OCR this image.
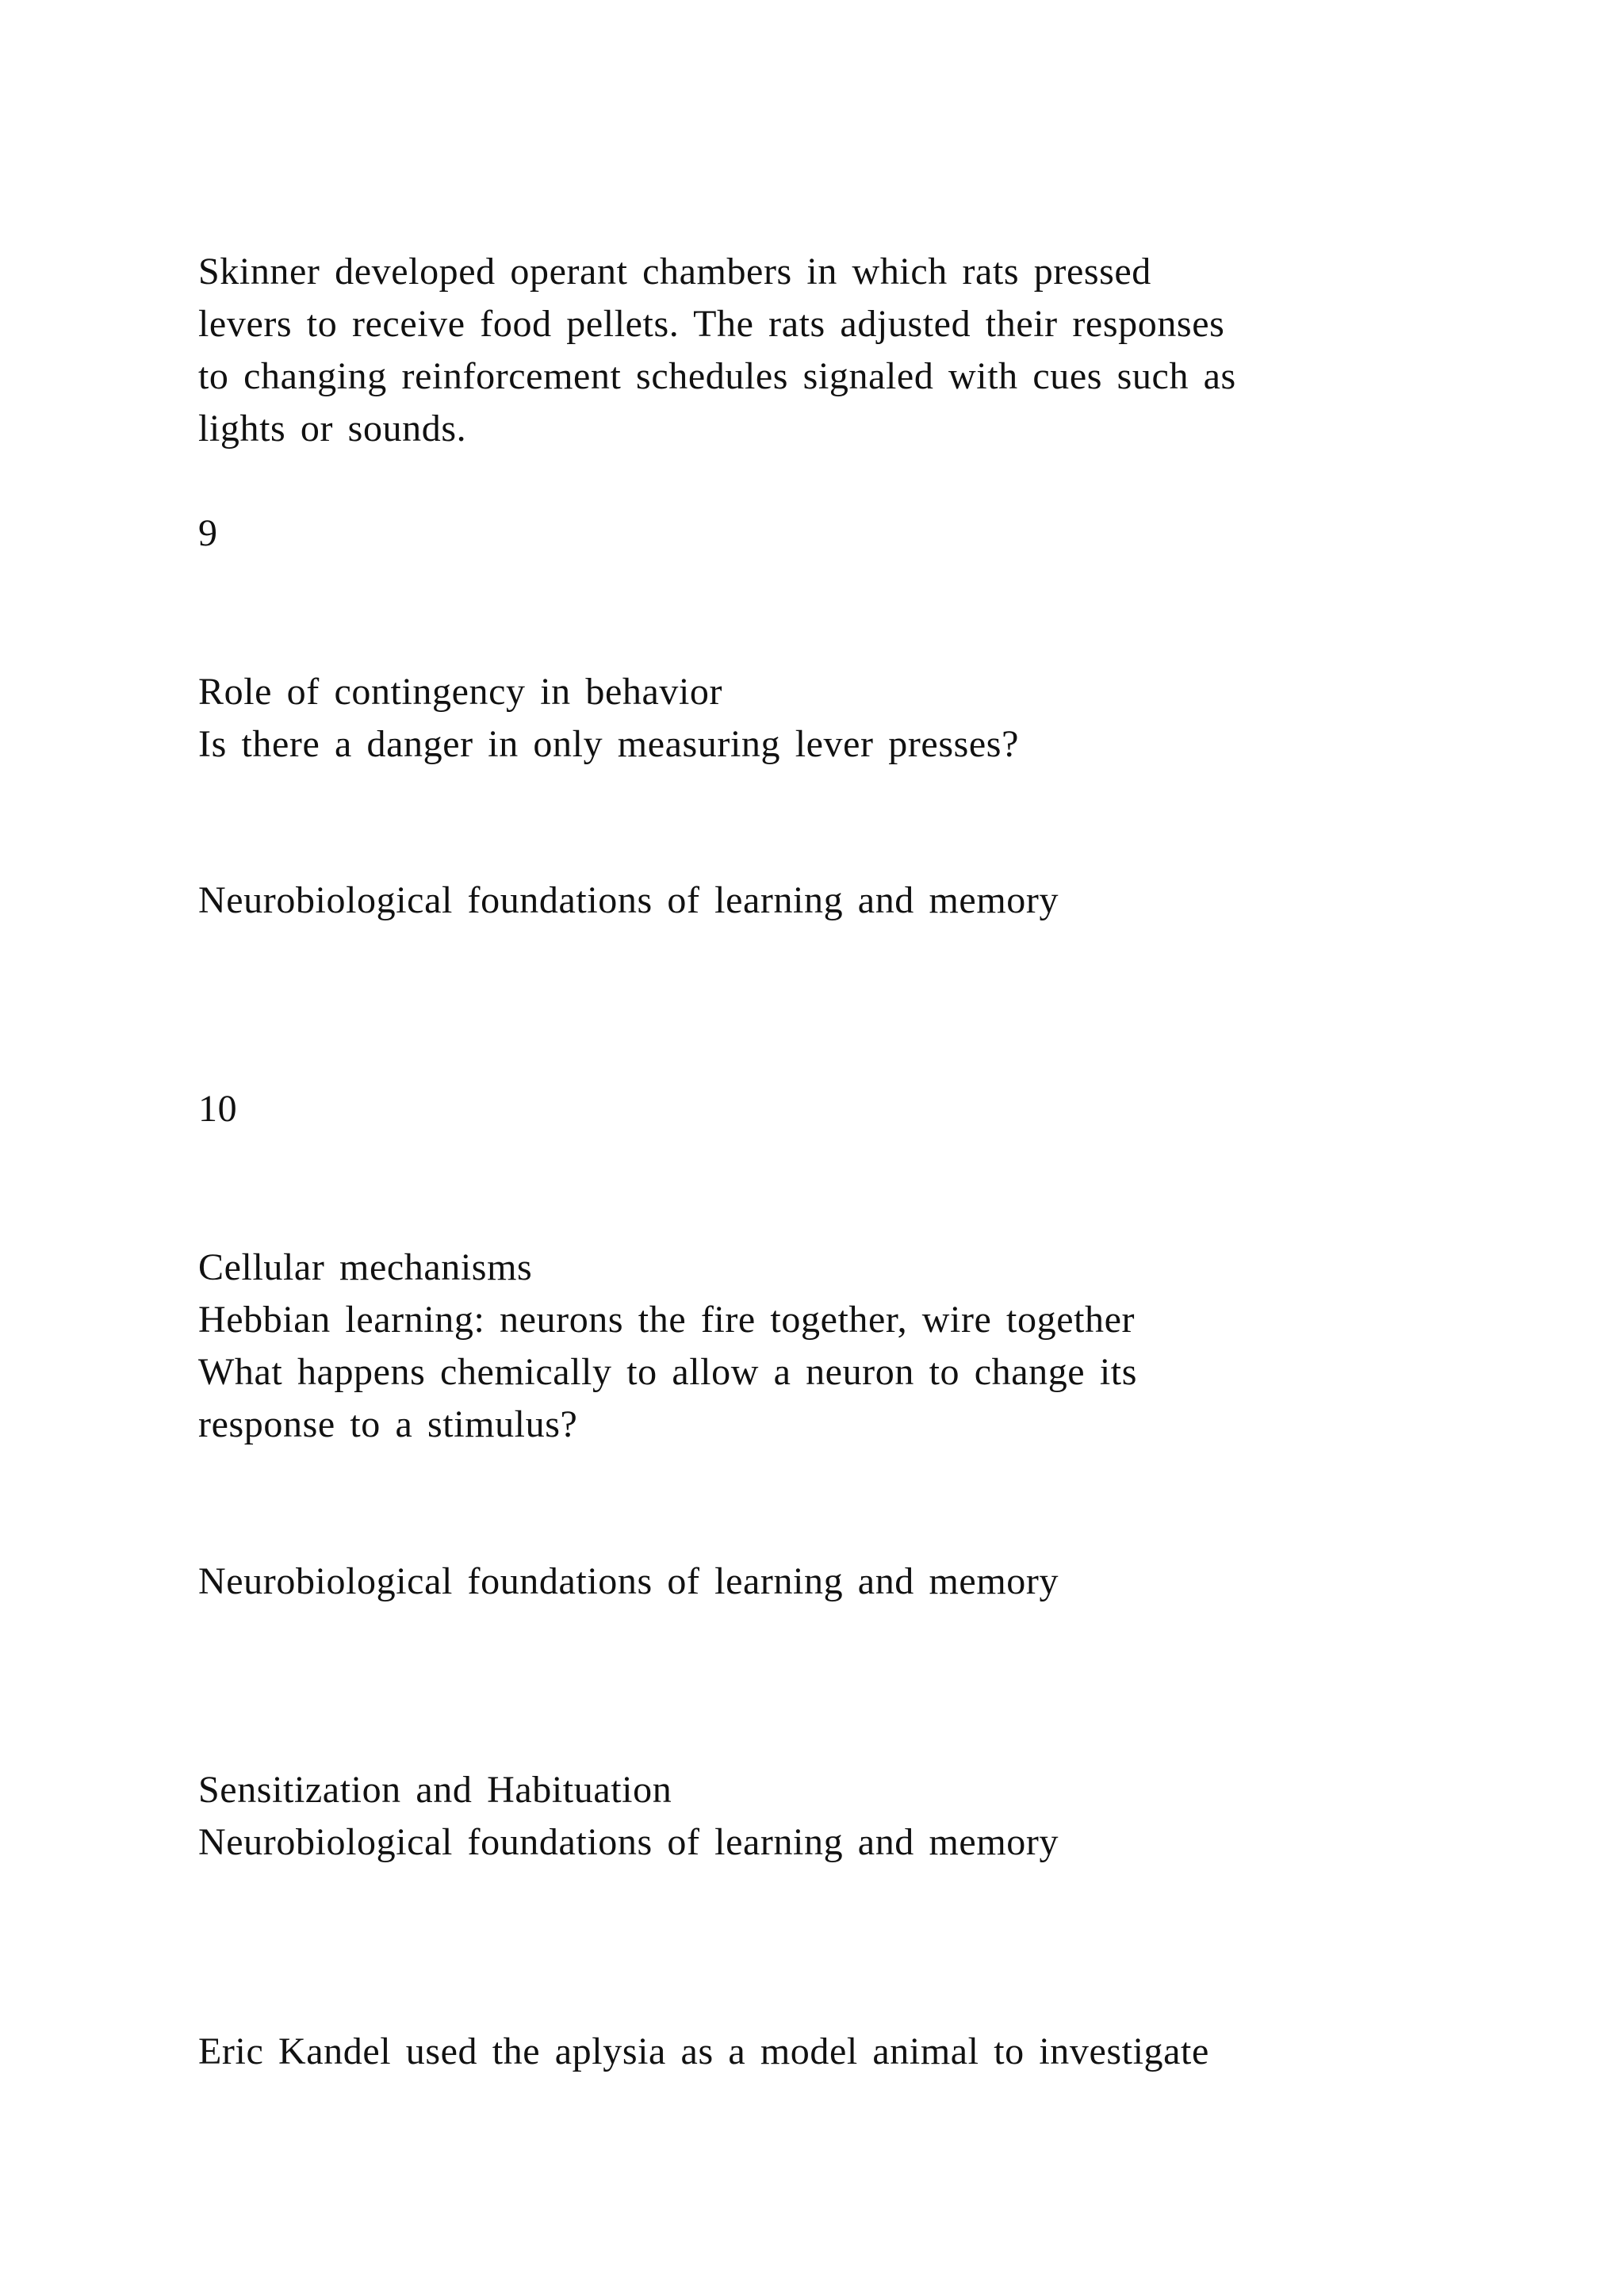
Skinner developed operant chambers in which rats pressed

levers to receive food pellets. The rats adjusted their responses

to changing reinforcement schedules signaled with cues such as

lights or sounds.

9

Role of contingency in behavior

Is there a danger in only measuring lever presses?

Neurobiological foundations of learning and memory

10

Cellular mechanisms

Hebbian learning: neurons the fire together, wire together

What happens chemically to allow a neuron to change its

response to a stimulus?

Neurobiological foundations of learning and memory

Sensitization and Habituation

Neurobiological foundations of learning and memory

Eric Kandel used the aplysia as a model animal to investigate
